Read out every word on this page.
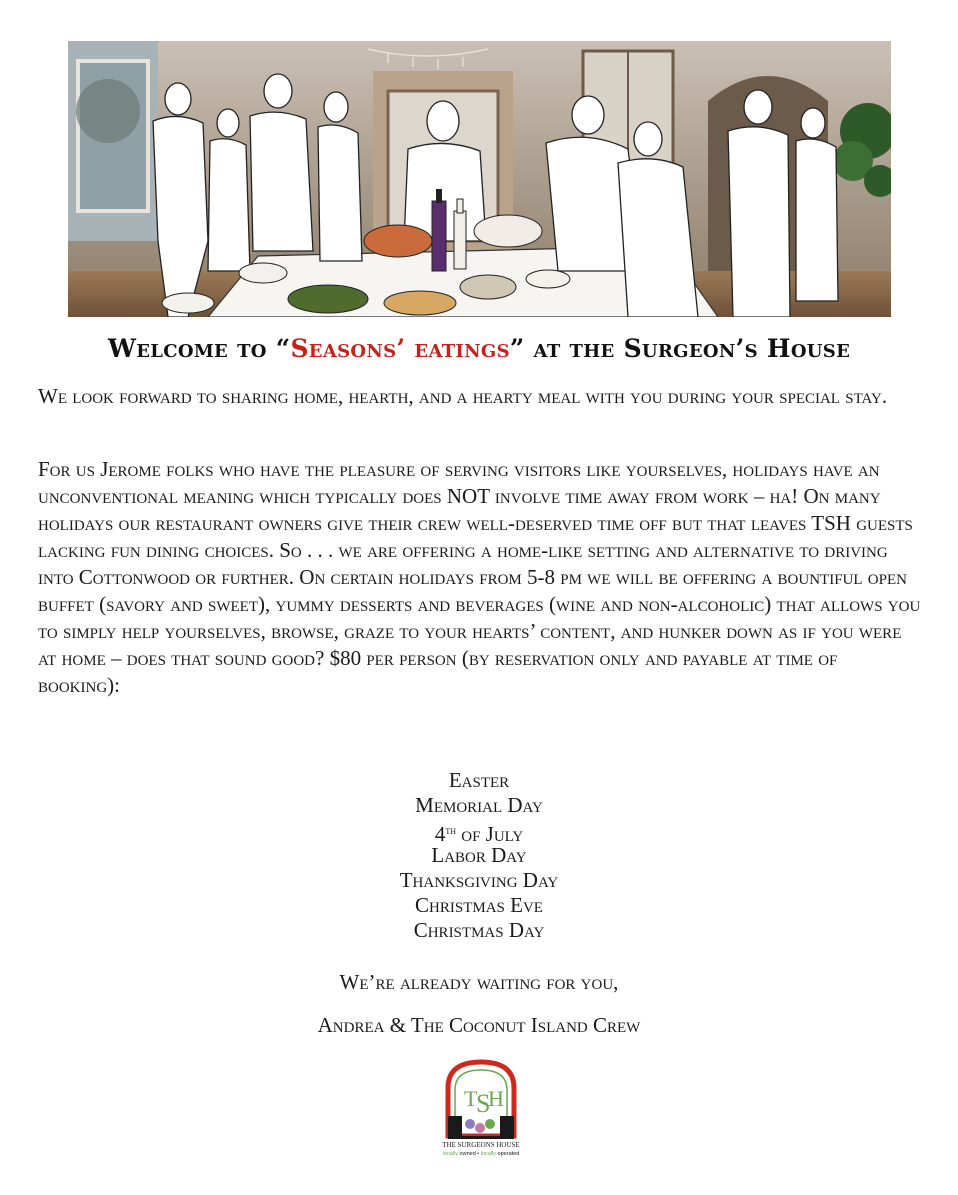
Welcome to “Seasons’ eatings” at the Surgeon’s House
We look forward to sharing home, hearth, and a hearty meal with you during your special stay.
For us Jerome folks who have the pleasure of serving visitors like yourselves, holidays have an unconventional meaning which typically does NOT involve time away from work – ha! On many holidays our restaurant owners give their crew well-deserved time off but that leaves TSH guests lacking fun dining choices. So . . . we are offering a home-like setting and alternative to driving into Cottonwood or further. On certain holidays from 5-8 pm we will be offering a bountiful open buffet (savory and sweet), yummy desserts and beverages (wine and non-alcoholic) that allows you to simply help yourselves, browse, graze to your hearts’ content, and hunker down as if you were at home – does that sound good? $80 per person (by reservation only and payable at time of booking):
Easter
Memorial Day
4th of July
Labor Day
Thanksgiving Day
Christmas Eve
Christmas Day
We’re already waiting for you,
Andrea & The Coconut Island Crew
T
S
H
THE SURGEONS HOUSE
locally owned • locally operated
